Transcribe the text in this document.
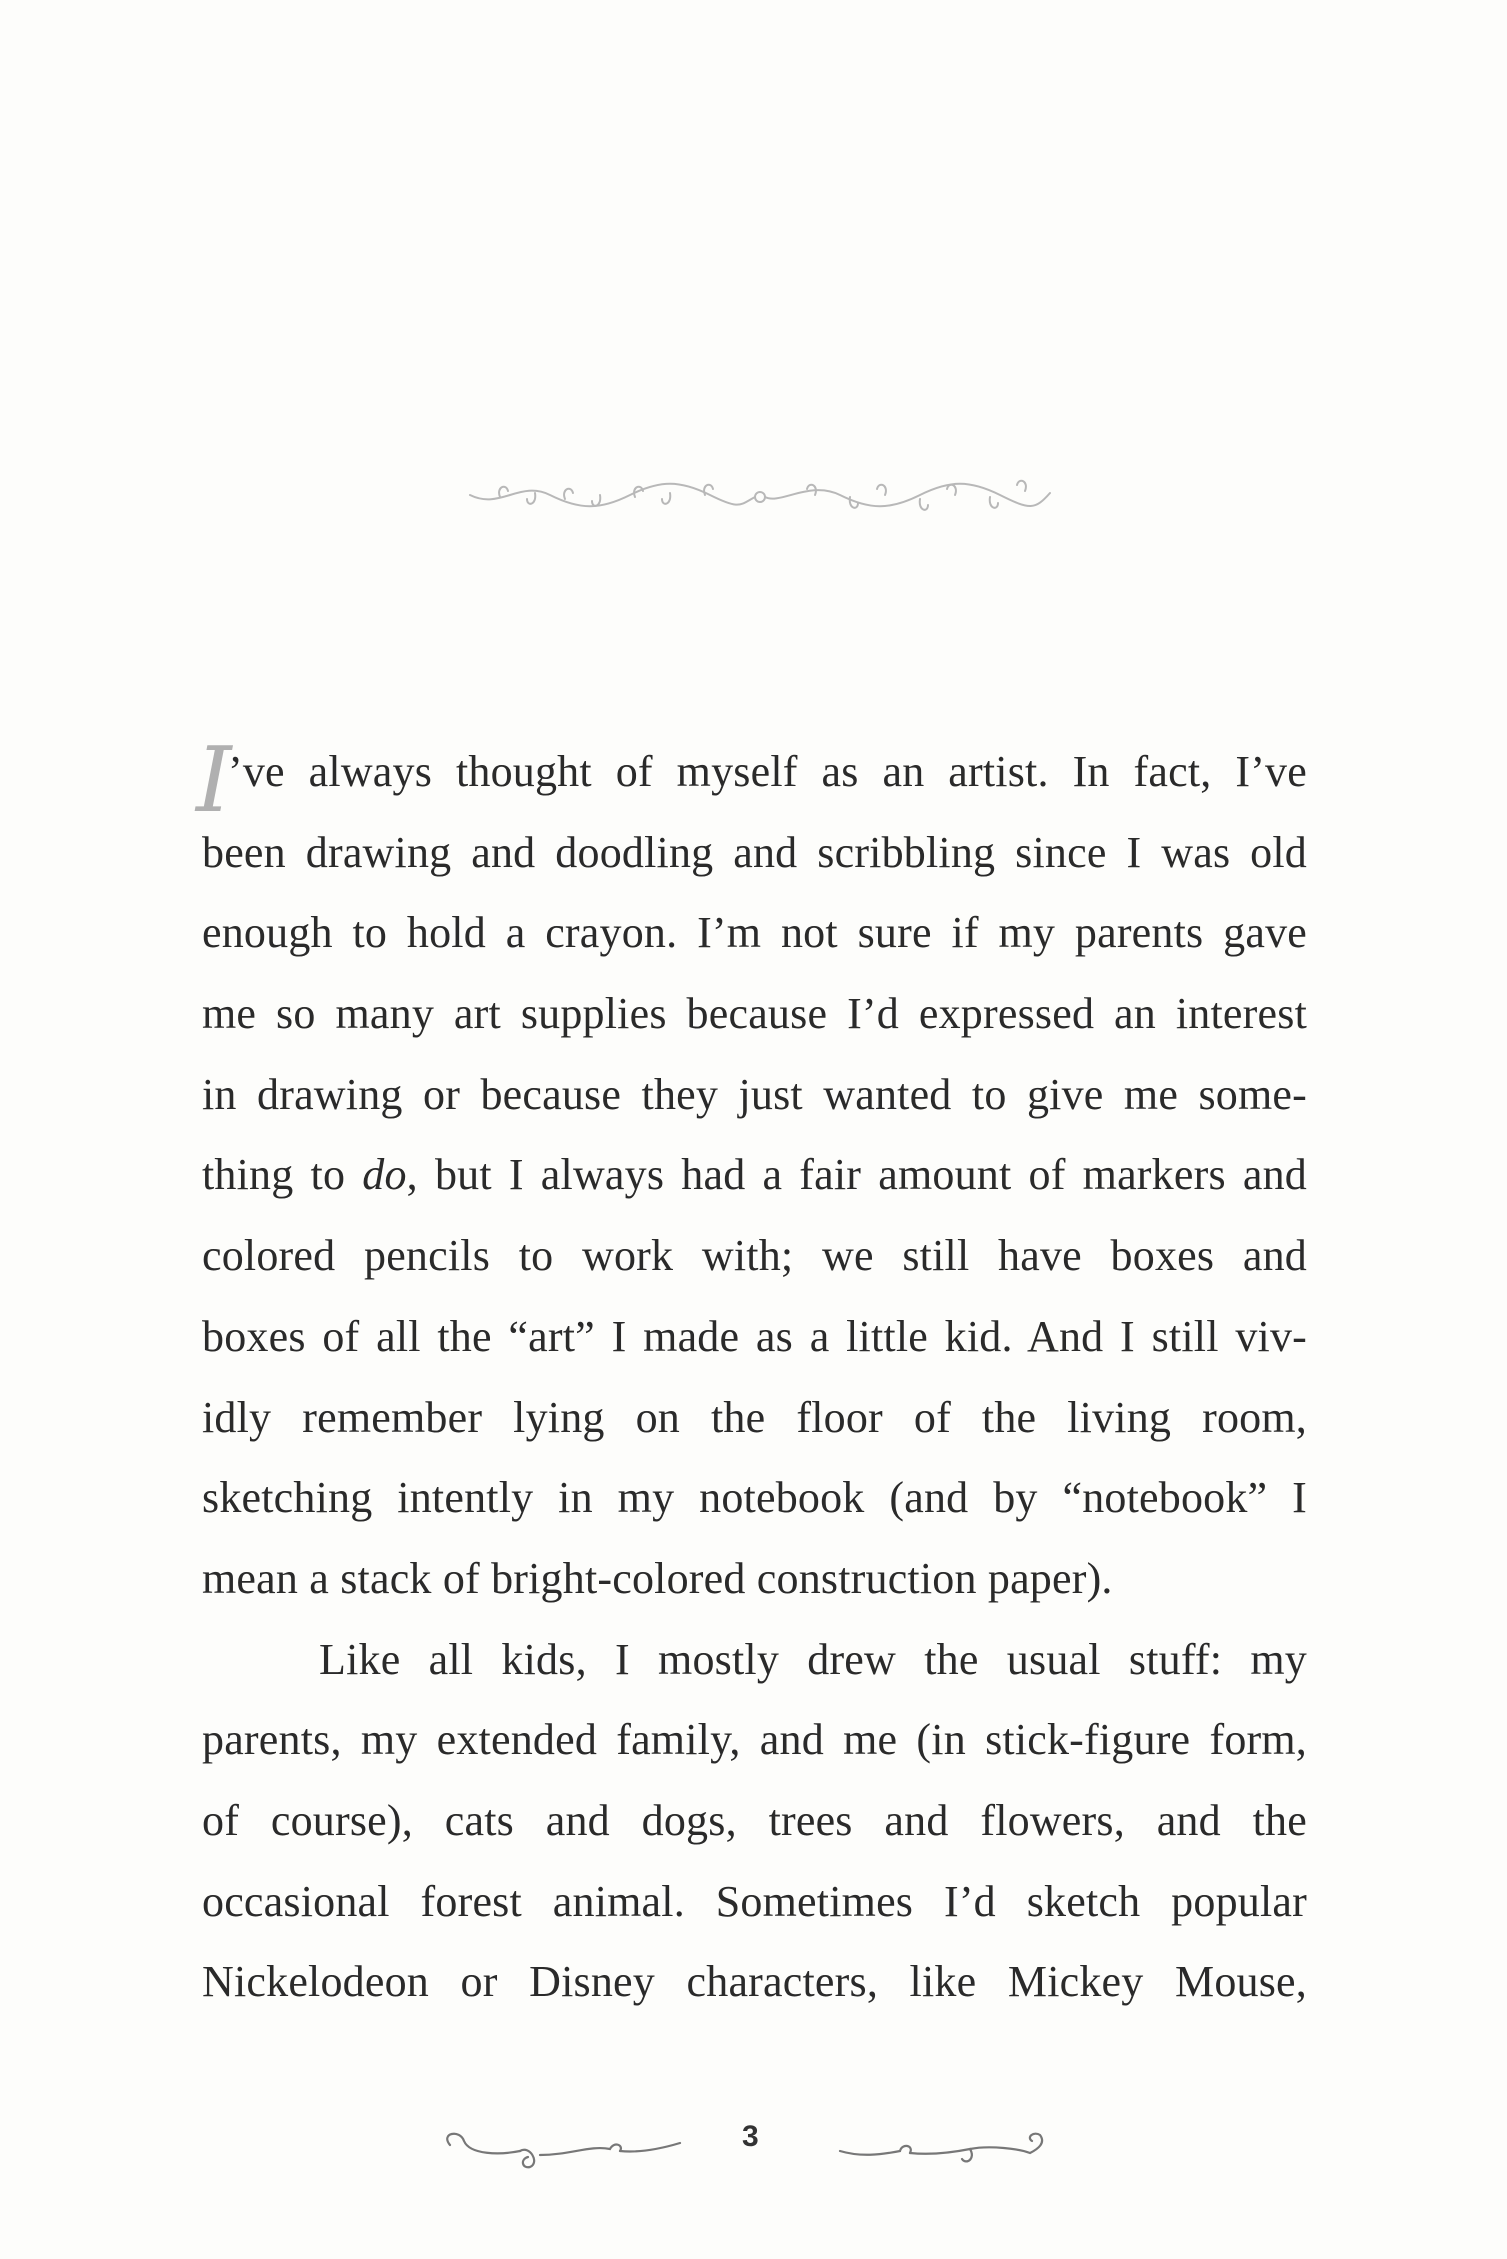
I
’ve always thought of myself as an artist. In fact, I’ve
been drawing and doodling and scribbling since I was old
enough to hold a crayon. I’m not sure if my parents gave
me so many art supplies because I’d expressed an interest
in drawing or because they just wanted to give me some-
thing to do, but I always had a fair amount of markers and
colored pencils to work with; we still have boxes and
boxes of all the “art” I made as a little kid. And I still viv-
idly remember lying on the floor of the living room,
sketching intently in my notebook (and by “notebook” I
mean a stack of bright-colored construction paper).

Like all kids, I mostly drew the usual stuff: my
parents, my extended family, and me (in stick-figure form,
of course), cats and dogs, trees and flowers, and the
occasional forest animal. Sometimes I’d sketch popular
Nickelodeon or Disney characters, like Mickey Mouse,

3
